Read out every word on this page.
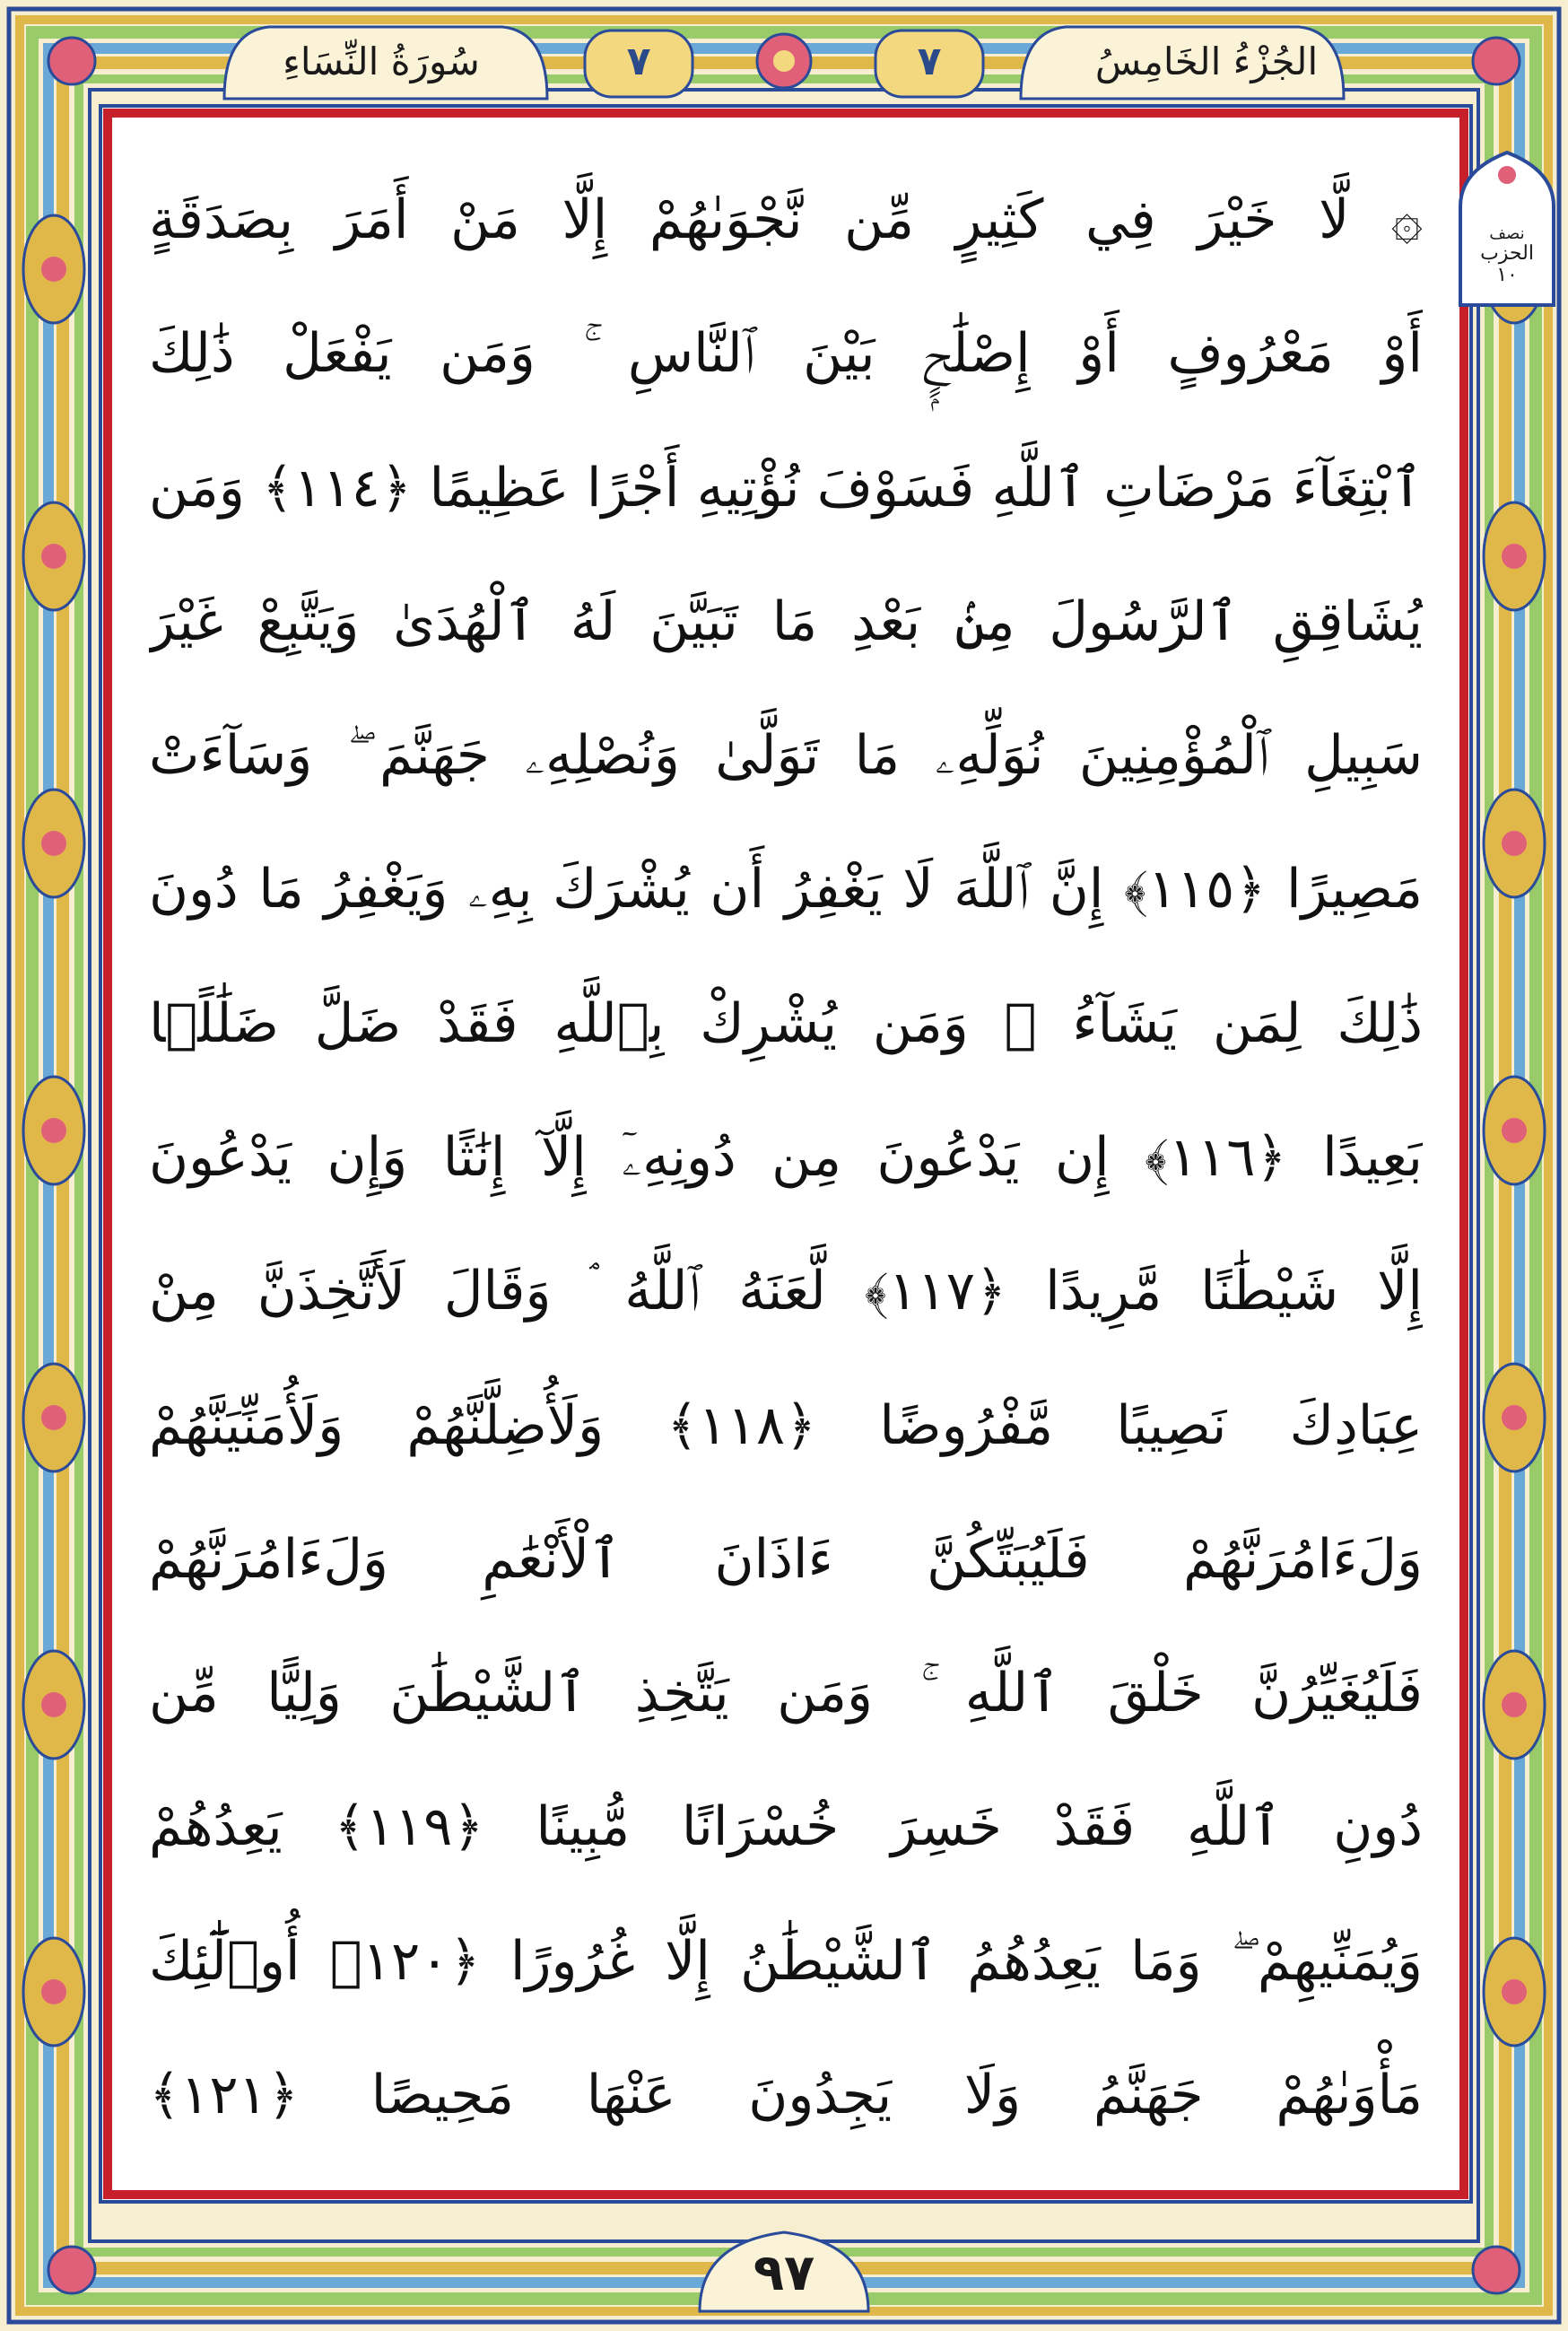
سُورَةُ النِّسَاءِ	الجُزْءُ الخَامِسُ
٧	٧
نصف
الحزب
١٠
۞ لَّا خَيْرَ فِي كَثِيرٍ مِّن نَّجْوَىٰهُمْ إِلَّا مَنْ أَمَرَ بِصَدَقَةٍ
أَوْ مَعْرُوفٍ أَوْ إِصْلَٰحٍۭ بَيْنَ ٱلنَّاسِ ۚ وَمَن يَفْعَلْ ذَٰلِكَ
ٱبْتِغَآءَ مَرْضَاتِ ٱللَّهِ فَسَوْفَ نُؤْتِيهِ أَجْرًا عَظِيمًا ﴿١١٤﴾ وَمَن
يُشَاقِقِ ٱلرَّسُولَ مِنۢ بَعْدِ مَا تَبَيَّنَ لَهُ ٱلْهُدَىٰ وَيَتَّبِعْ غَيْرَ
سَبِيلِ ٱلْمُؤْمِنِينَ نُوَلِّهِۦ مَا تَوَلَّىٰ وَنُصْلِهِۦ جَهَنَّمَ ۖ وَسَآءَتْ
مَصِيرًا ﴿١١٥﴾ إِنَّ ٱللَّهَ لَا يَغْفِرُ أَن يُشْرَكَ بِهِۦ وَيَغْفِرُ مَا دُونَ
ذَٰلِكَ لِمَن يَشَآءُ ۚ وَمَن يُشْرِكْ بِٱللَّهِ فَقَدْ ضَلَّ ضَلَٰلًۢا
بَعِيدًا ﴿١١٦﴾ إِن يَدْعُونَ مِن دُونِهِۦٓ إِلَّآ إِنَٰثًا وَإِن يَدْعُونَ
إِلَّا شَيْطَٰنًا مَّرِيدًا ﴿١١٧﴾ لَّعَنَهُ ٱللَّهُ ۘ وَقَالَ لَأَتَّخِذَنَّ مِنْ
عِبَادِكَ نَصِيبًا مَّفْرُوضًا ﴿١١٨﴾ وَلَأُضِلَّنَّهُمْ وَلَأُمَنِّيَنَّهُمْ
وَلَءَامُرَنَّهُمْ فَلَيُبَتِّكُنَّ ءَاذَانَ ٱلْأَنْعَٰمِ وَلَءَامُرَنَّهُمْ
فَلَيُغَيِّرُنَّ خَلْقَ ٱللَّهِ ۚ وَمَن يَتَّخِذِ ٱلشَّيْطَٰنَ وَلِيًّا مِّن
دُونِ ٱللَّهِ فَقَدْ خَسِرَ خُسْرَانًا مُّبِينًا ﴿١١٩﴾ يَعِدُهُمْ
وَيُمَنِّيهِمْ ۖ وَمَا يَعِدُهُمُ ٱلشَّيْطَٰنُ إِلَّا غُرُورًا ﴿١٢٠﴾ أُو۟لَٰٓئِكَ
مَأْوَىٰهُمْ جَهَنَّمُ وَلَا يَجِدُونَ عَنْهَا مَحِيصًا ﴿١٢١﴾
٩٧
